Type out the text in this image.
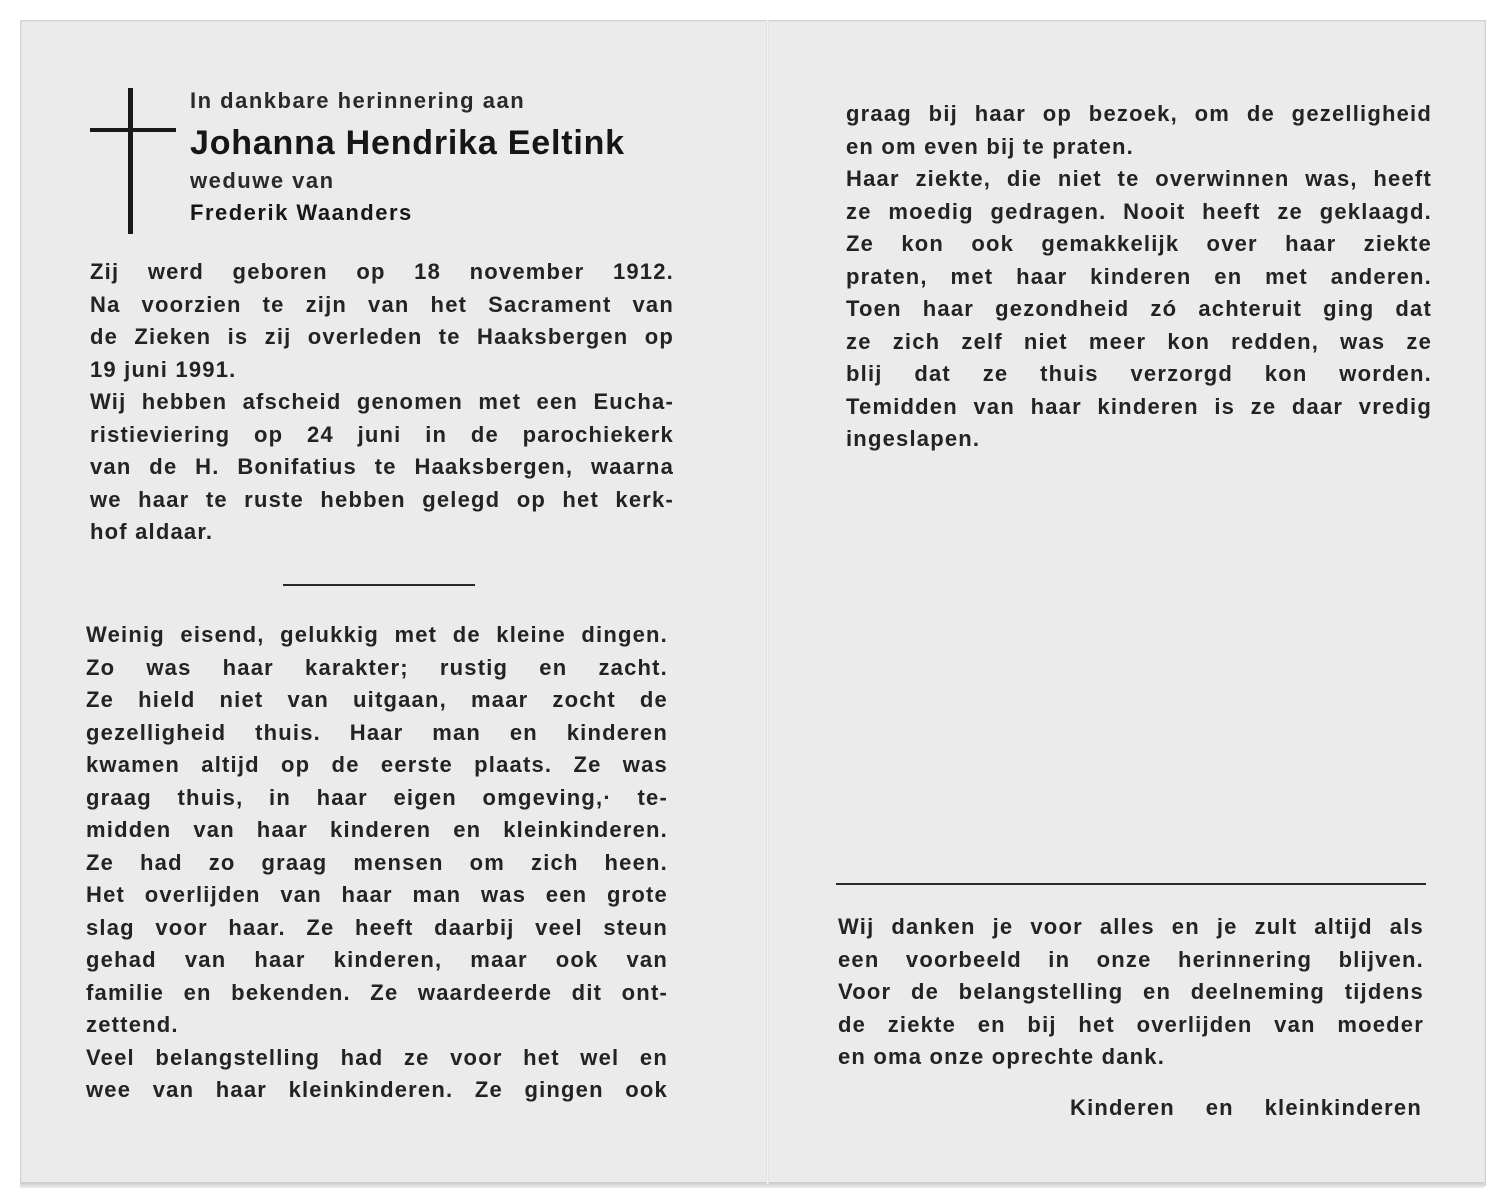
In dankbare herinnering aan
Johanna Hendrika Eeltink
weduwe van
Frederik Waanders

Zij werd geboren op 18 november 1912.
Na voorzien te zijn van het Sacrament van
de Zieken is zij overleden te Haaksbergen op
19 juni 1991.
Wij hebben afscheid genomen met een Eucha-
ristieviering op 24 juni in de parochiekerk
van de H. Bonifatius te Haaksbergen, waarna
we haar te ruste hebben gelegd op het kerk-
hof aldaar.

Weinig eisend, gelukkig met de kleine dingen.
Zo was haar karakter; rustig en zacht.
Ze hield niet van uitgaan, maar zocht de
gezelligheid thuis. Haar man en kinderen
kwamen altijd op de eerste plaats. Ze was
graag thuis, in haar eigen omgeving,· te-
midden van haar kinderen en kleinkinderen.
Ze had zo graag mensen om zich heen.
Het overlijden van haar man was een grote
slag voor haar. Ze heeft daarbij veel steun
gehad van haar kinderen, maar ook van
familie en bekenden. Ze waardeerde dit ont-
zettend.
Veel belangstelling had ze voor het wel en
wee van haar kleinkinderen. Ze gingen ook

graag bij haar op bezoek, om de gezelligheid
en om even bij te praten.
Haar ziekte, die niet te overwinnen was, heeft
ze moedig gedragen. Nooit heeft ze geklaagd.
Ze kon ook gemakkelijk over haar ziekte
praten, met haar kinderen en met anderen.
Toen haar gezondheid zó achteruit ging dat
ze zich zelf niet meer kon redden, was ze
blij dat ze thuis verzorgd kon worden.
Temidden van haar kinderen is ze daar vredig
ingeslapen.

Wij danken je voor alles en je zult altijd als
een voorbeeld in onze herinnering blijven.
Voor de belangstelling en deelneming tijdens
de ziekte en bij het overlijden van moeder
en oma onze oprechte dank.

Kinderen en kleinkinderen
